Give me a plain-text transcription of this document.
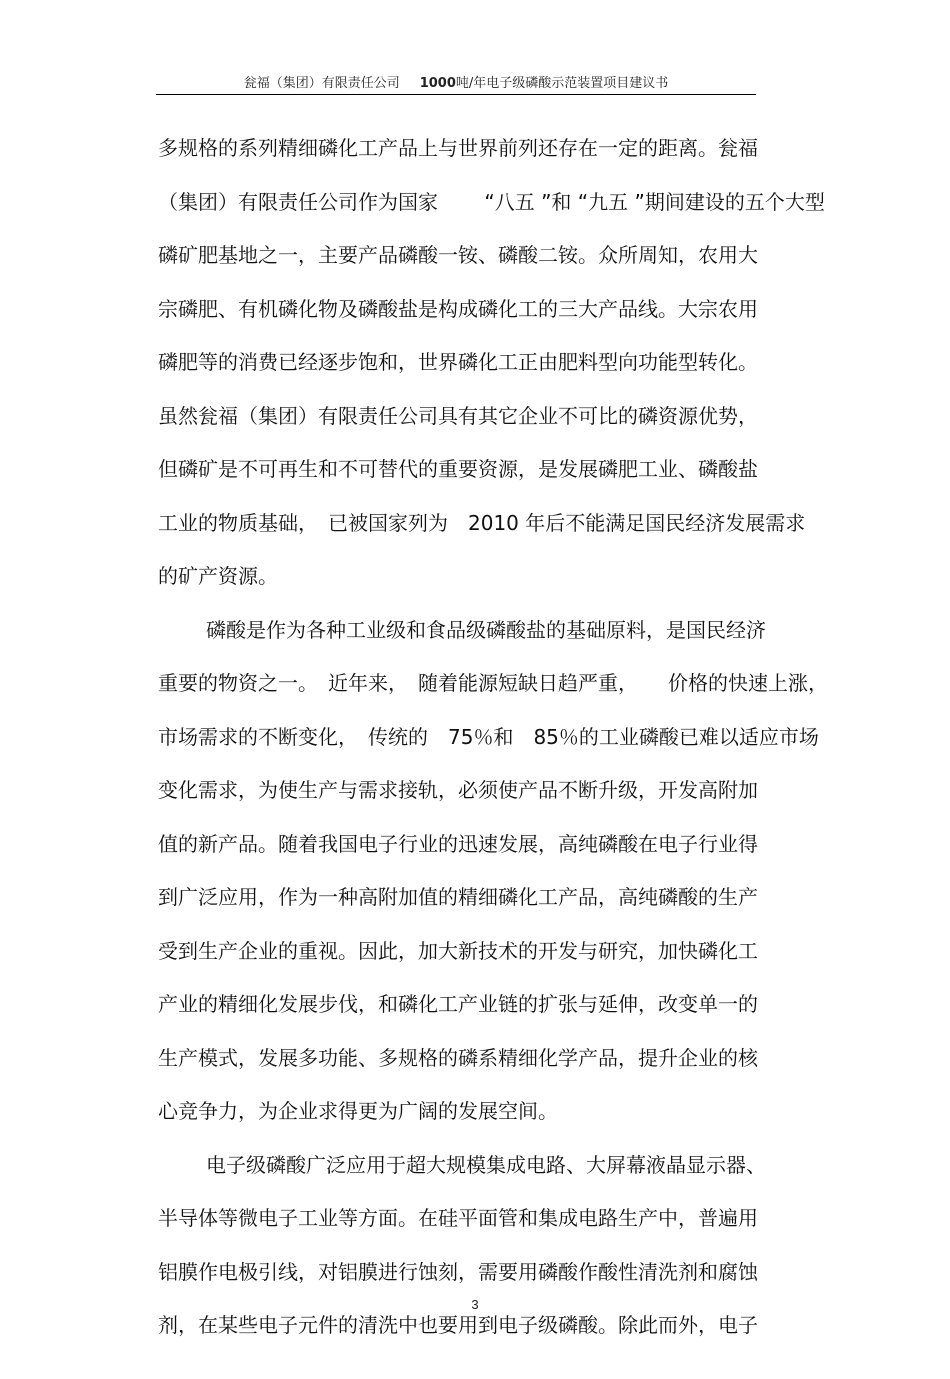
瓮福（集团）有限责任公司 1000吨/年电子级磷酸示范装置项目建议书
多规格的系列精细磷化工产品上与世界前列还存在一定的距离。瓮福
（集团）有限责任公司作为国家　　 “八五 ”和 “九五 ”期间建设的五个大型
磷矿肥基地之一，主要产品磷酸一铵、磷酸二铵。众所周知，农用大
宗磷肥、有机磷化物及磷酸盐是构成磷化工的三大产品线。大宗农用
磷肥等的消费已经逐步饱和，世界磷化工正由肥料型向功能型转化。
虽然瓮福（集团）有限责任公司具有其它企业不可比的磷资源优势，
但磷矿是不可再生和不可替代的重要资源，是发展磷肥工业、磷酸盐
工业的物质基础，　已被国家列为　2010 年后不能满足国民经济发展需求
的矿产资源。
磷酸是作为各种工业级和食品级磷酸盐的基础原料，是国民经济
重要的物资之一。　近年来，　随着能源短缺日趋严重，　　价格的快速上涨，
市场需求的不断变化，　传统的　75％和　85％的工业磷酸已难以适应市场
变化需求，为使生产与需求接轨，必须使产品不断升级，开发高附加
值的新产品。随着我国电子行业的迅速发展，高纯磷酸在电子行业得
到广泛应用，作为一种高附加值的精细磷化工产品，高纯磷酸的生产
受到生产企业的重视。因此，加大新技术的开发与研究，加快磷化工
产业的精细化发展步伐，和磷化工产业链的扩张与延伸，改变单一的
生产模式，发展多功能、多规格的磷系精细化学产品，提升企业的核
心竞争力，为企业求得更为广阔的发展空间。
电子级磷酸广泛应用于超大规模集成电路、大屏幕液晶显示器、
半导体等微电子工业等方面。在硅平面管和集成电路生产中，普遍用
铝膜作电极引线，对铝膜进行蚀刻，需要用磷酸作酸性清洗剂和腐蚀
剂，在某些电子元件的清洗中也要用到电子级磷酸。除此而外，电子
3
